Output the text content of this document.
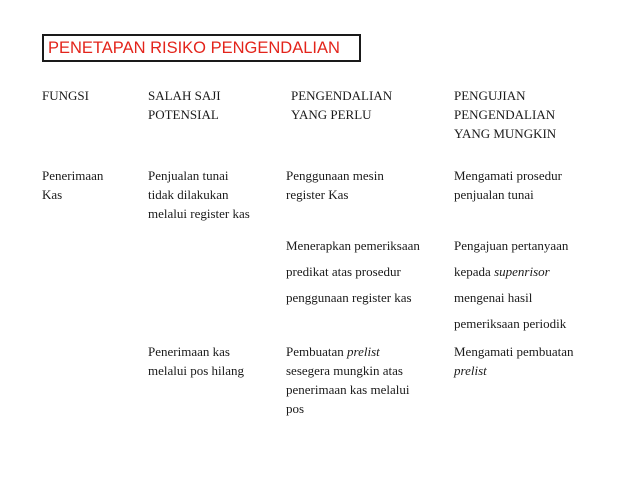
PENETAPAN RISIKO PENGENDALIAN
FUNGSI	SALAH SAJI
POTENSIAL
PENGENDALIAN
YANG PERLU
PENGUJIAN
PENGENDALIAN
YANG MUNGKIN
Penerimaan
Kas
Penjualan tunai
tidak dilakukan
melalui register kas
Penggunaan mesin
register Kas
Mengamati prosedur
penjualan tunai
Menerapkan pemeriksaan
predikat atas prosedur
penggunaan register kas
Pengajuan pertanyaan
kepada supenrisor
mengenai hasil
pemeriksaan periodik
Penerimaan kas
melalui pos hilang
Pembuatan prelist
sesegera mungkin atas
penerimaan kas melalui
pos
Mengamati pembuatan
prelist
